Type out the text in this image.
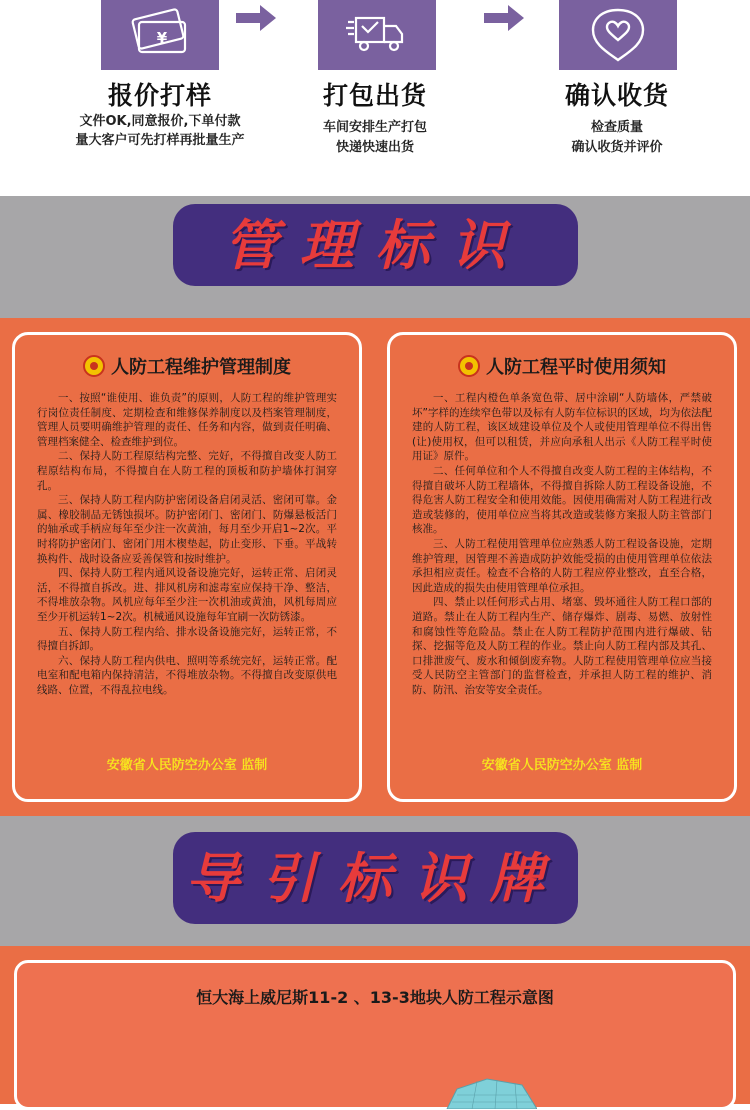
¥
报价打样
文件OK,同意报价,下单付款
量大客户可先打样再批量生产
打包出货
车间安排生产打包
快递快速出货
确认收货
检查质量
确认收货并评价
管理标识
人防工程维护管理制度

一、按照“谁使用、谁负责”的原则，人防工程的维护管理实行岗位责任制度、定期检查和维修保养制度以及档案管理制度，管理人员要明确维护管理的责任、任务和内容，做到责任明确、管理档案健全、检查维护到位。

二、保持人防工程原结构完整、完好，不得擅自改变人防工程原结构布局，不得擅自在人防工程的顶板和防护墙体打洞穿孔。

三、保持人防工程内防护密闭设备启闭灵活、密闭可靠。金属、橡胶制品无锈蚀损坏。防护密闭门、密闭门、防爆悬板活门的轴承或手柄应每年至少注一次黄油，每月至少开启1~2次。平时将防护密闭门、密闭门用木楔垫起，防止变形、下垂。平战转换构件、战时设备应妥善保管和按时维护。

四、保持人防工程内通风设备设施完好，运转正常、启闭灵活，不得擅自拆改。进、排风机房和滤毒室应保持干净、整洁，不得堆放杂物。风机应每年至少注一次机油或黄油，风机每周应至少开机运转1~2次。机械通风设施每年宜刷一次防锈漆。

五、保持人防工程内给、排水设备设施完好，运转正常，不得擅自拆卸。

六、保持人防工程内供电、照明等系统完好，运转正常。配电室和配电箱内保持清洁，不得堆放杂物。不得擅自改变原供电线路、位置，不得乱拉电线。

安徽省人民防空办公室 监制
人防工程平时使用须知

一、工程内橙色单条宽色带、居中涂刷“人防墙体，严禁破坏”字样的连续窄色带以及标有人防车位标识的区域，均为依法配建的人防工程，该区域建设单位及个人或使用管理单位不得出售(让)使用权，但可以租赁，并应向承租人出示《人防工程平时使用证》原件。

二、任何单位和个人不得擅自改变人防工程的主体结构，不得擅自破坏人防工程墙体，不得擅自拆除人防工程设备设施，不得危害人防工程安全和使用效能。因使用确需对人防工程进行改造或装修的，使用单位应当将其改造或装修方案报人防主管部门核准。

三、人防工程使用管理单位应熟悉人防工程设备设施，定期维护管理，因管理不善造成防护效能受损的由使用管理单位依法承担相应责任。检查不合格的人防工程应停业整改，直至合格，因此造成的损失由使用管理单位承担。

四、禁止以任何形式占用、堵塞、毁坏通往人防工程口部的道路。禁止在人防工程内生产、储存爆炸、剧毒、易燃、放射性和腐蚀性等危险品。禁止在人防工程防护范围内进行爆破、钻探、挖掘等危及人防工程的作业。禁止向人防工程内部及其孔、口排泄废气、废水和倾倒废弃物。人防工程使用管理单位应当接受人民防空主管部门的监督检查，并承担人防工程的维护、消防、防汛、治安等安全责任。

安徽省人民防空办公室 监制
导引标识牌
恒大海上威尼斯11-2 、13-3地块人防工程示意图
